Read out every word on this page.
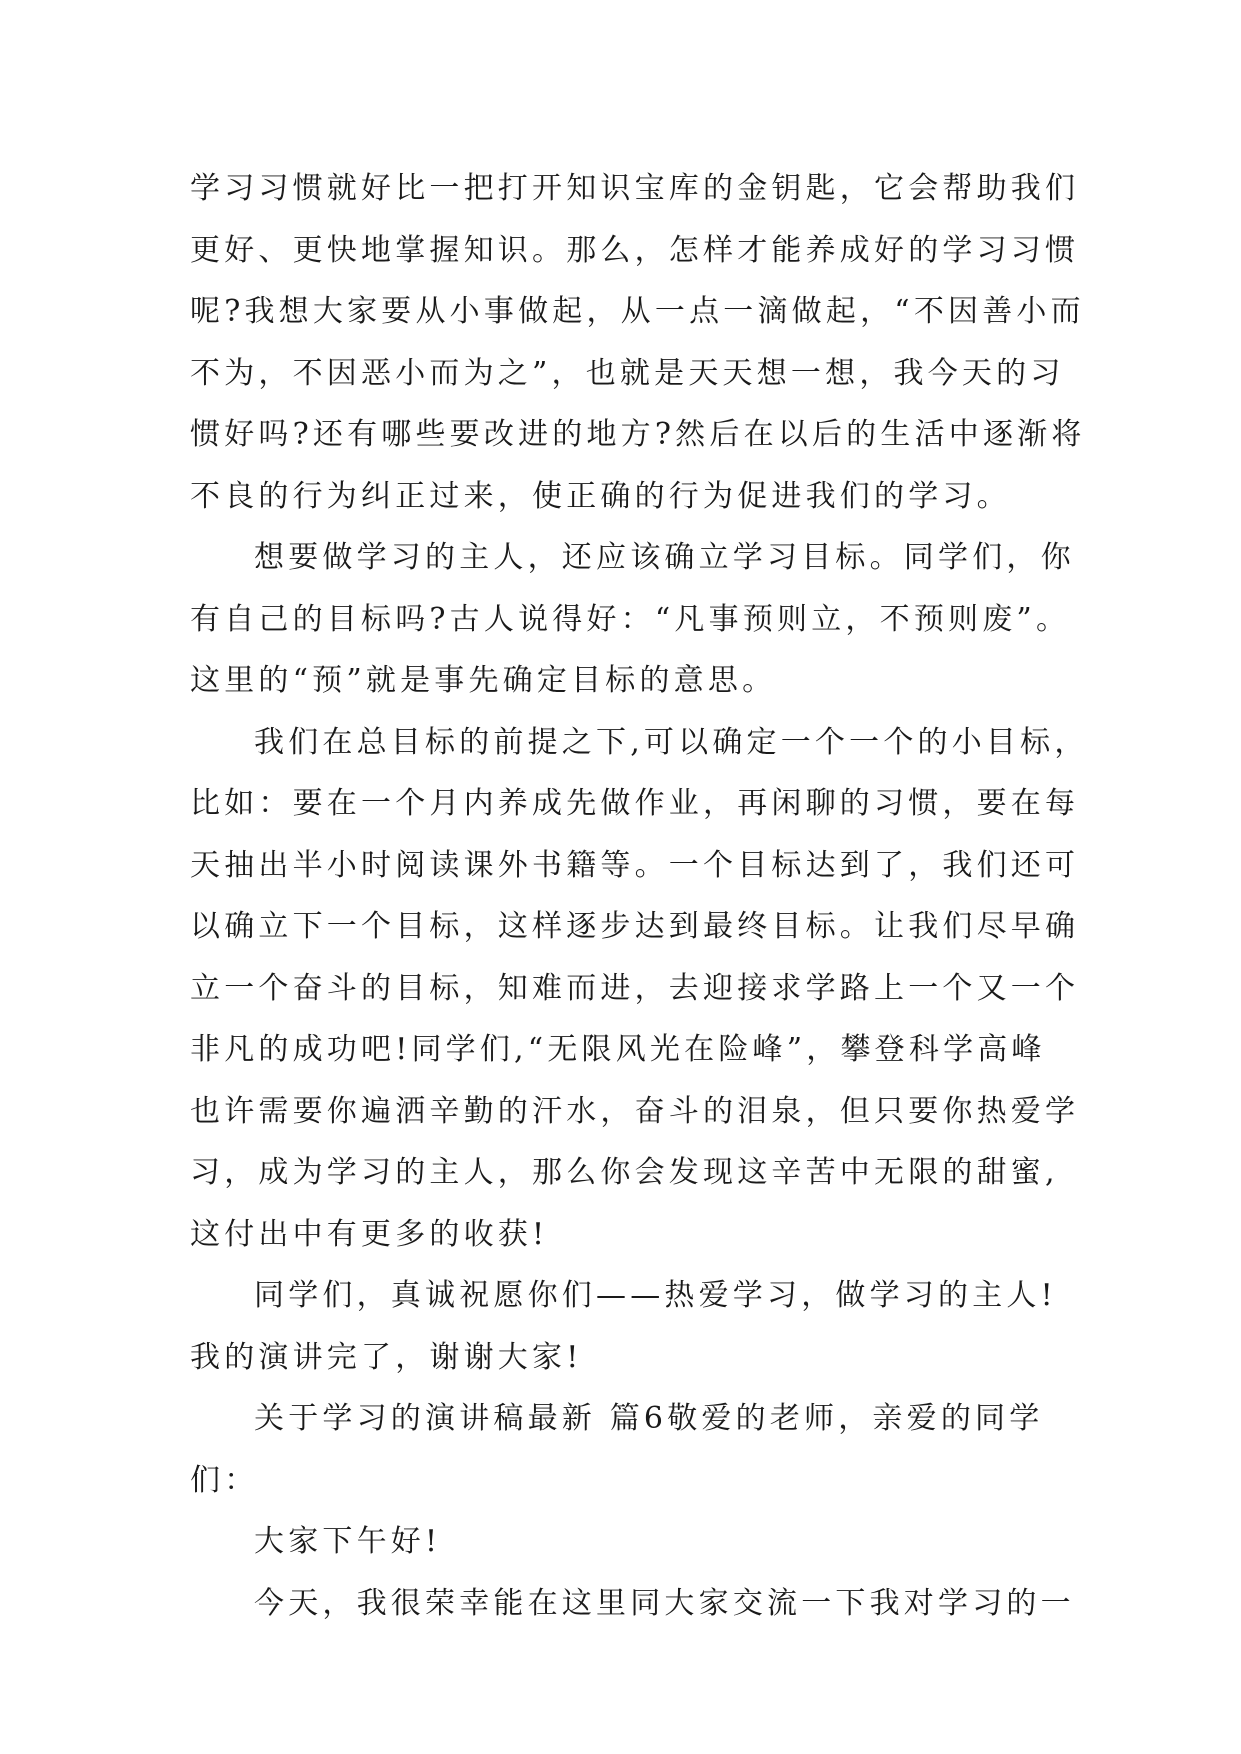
学习习惯就好比一把打开知识宝库的金钥匙，它会帮助我们
更好、更快地掌握知识。那么，怎样才能养成好的学习习惯
呢?我想大家要从小事做起，从一点一滴做起，“不因善小而
不为，不因恶小而为之”，也就是天天想一想，我今天的习
惯好吗?还有哪些要改进的地方?然后在以后的生活中逐渐将
不良的行为纠正过来，使正确的行为促进我们的学习。
想要做学习的主人，还应该确立学习目标。同学们，你
有自己的目标吗?古人说得好：“凡事预则立，不预则废”。
这里的“预”就是事先确定目标的意思。
我们在总目标的前提之下,可以确定一个一个的小目标，
比如：要在一个月内养成先做作业，再闲聊的习惯，要在每
天抽出半小时阅读课外书籍等。一个目标达到了，我们还可
以确立下一个目标，这样逐步达到最终目标。让我们尽早确
立一个奋斗的目标，知难而进，去迎接求学路上一个又一个
非凡的成功吧!同学们,“无限风光在险峰”，攀登科学高峰
也许需要你遍洒辛勤的汗水，奋斗的泪泉，但只要你热爱学
习，成为学习的主人，那么你会发现这辛苦中无限的甜蜜,
这付出中有更多的收获!
同学们，真诚祝愿你们——热爱学习，做学习的主人!
我的演讲完了，谢谢大家!
关于学习的演讲稿最新 篇6敬爱的老师，亲爱的同学
们：
大家下午好!
今天，我很荣幸能在这里同大家交流一下我对学习的一
